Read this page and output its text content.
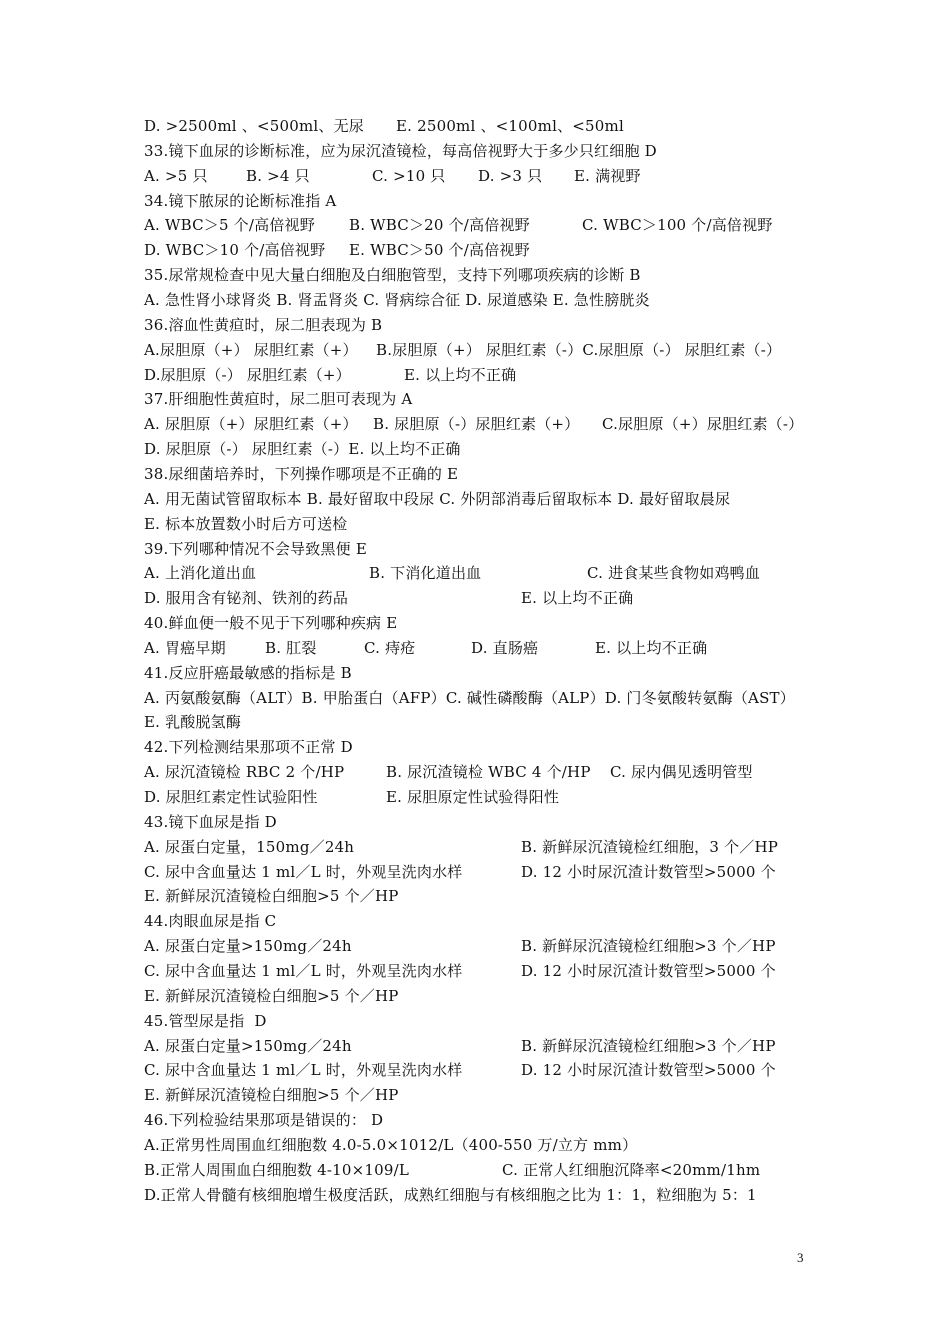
D. >2500ml 、<500ml、无尿 E. 2500ml 、<100ml、<50ml
33.镜下血尿的诊断标准，应为尿沉渣镜检，每高倍视野大于多少只红细胞 D
A. >5 只	B. >4 只	C. >10 只 D. >3 只 E. 满视野
34.镜下脓尿的论断标准指 A
A. WBC＞5 个/高倍视野 B. WBC＞20 个/高倍视野	C. WBC＞100 个/高倍视野
D. WBC＞10 个/高倍视野 E. WBC＞50 个/高倍视野
35.尿常规检查中见大量白细胞及白细胞管型，支持下列哪项疾病的诊断 B
A. 急性肾小球肾炎 B. 肾盂肾炎 C. 肾病综合征 D. 尿道感染 E. 急性膀胱炎
36.溶血性黄疸时，尿二胆表现为 B
A.尿胆原（+） 尿胆红素（+） B.尿胆原（+） 尿胆红素（-）C.尿胆原（-） 尿胆红素（-）
D.尿胆原（-） 尿胆红素（+）	E. 以上均不正确
37.肝细胞性黄疸时，尿二胆可表现为 A
A. 尿胆原（+）尿胆红素（+） B. 尿胆原（-）尿胆红素（+） C.尿胆原（+）尿胆红素（-）
D. 尿胆原（-） 尿胆红素（-）E. 以上均不正确
38.尿细菌培养时，下列操作哪项是不正确的 E
A. 用无菌试管留取标本 B. 最好留取中段尿 C. 外阴部消毒后留取标本 D. 最好留取晨尿
E. 标本放置数小时后方可送检
39.下列哪种情况不会导致黑便 E
A. 上消化道出血	B. 下消化道出血	C. 进食某些食物如鸡鸭血
D. 服用含有铋剂、铁剂的药品	E. 以上均不正确
40.鲜血便一般不见于下列哪种疾病 E
A. 胃癌早期	B. 肛裂	C. 痔疮	D. 直肠癌	E. 以上均不正确
41.反应肝癌最敏感的指标是 B
A. 丙氨酸氨酶（ALT）B. 甲胎蛋白（AFP）C. 碱性磷酸酶（ALP）D. 门冬氨酸转氨酶（AST）
E. 乳酸脱氢酶
42.下列检测结果那项不正常 D
A. 尿沉渣镜检 RBC 2 个/HP	B. 尿沉渣镜检 WBC 4 个/HP C. 尿内偶见透明管型
D. 尿胆红素定性试验阳性	E. 尿胆原定性试验得阳性
43.镜下血尿是指 D
A. 尿蛋白定量，150mg／24h	B. 新鲜尿沉渣镜检红细胞，3 个／HP
C. 尿中含血量达 1 ml／L 时，外观呈洗肉水样	D. 12 小时尿沉渣计数管型>5000 个
E. 新鲜尿沉渣镜检白细胞>5 个／HP
44.肉眼血尿是指 C
A. 尿蛋白定量>150mg／24h	B. 新鲜尿沉渣镜检红细胞>3 个／HP
C. 尿中含血量达 1 ml／L 时，外观呈洗肉水样	D. 12 小时尿沉渣计数管型>5000 个
E. 新鲜尿沉渣镜检白细胞>5 个／HP
45.管型尿是指  D
A. 尿蛋白定量>150mg／24h	B. 新鲜尿沉渣镜检红细胞>3 个／HP
C. 尿中含血量达 1 ml／L 时，外观呈洗肉水样	D. 12 小时尿沉渣计数管型>5000 个
E. 新鲜尿沉渣镜检白细胞>5 个／HP
46.下列检验结果那项是错误的： D
A.正常男性周围血红细胞数 4.0-5.0×1012/L（400-550 万/立方 mm）
B.正常人周围血白细胞数 4-10×109/L	C. 正常人红细胞沉降率<20mm/1hm
D.正常人骨髓有核细胞增生极度活跃，成熟红细胞与有核细胞之比为 1：1，粒细胞为 5：1
3
